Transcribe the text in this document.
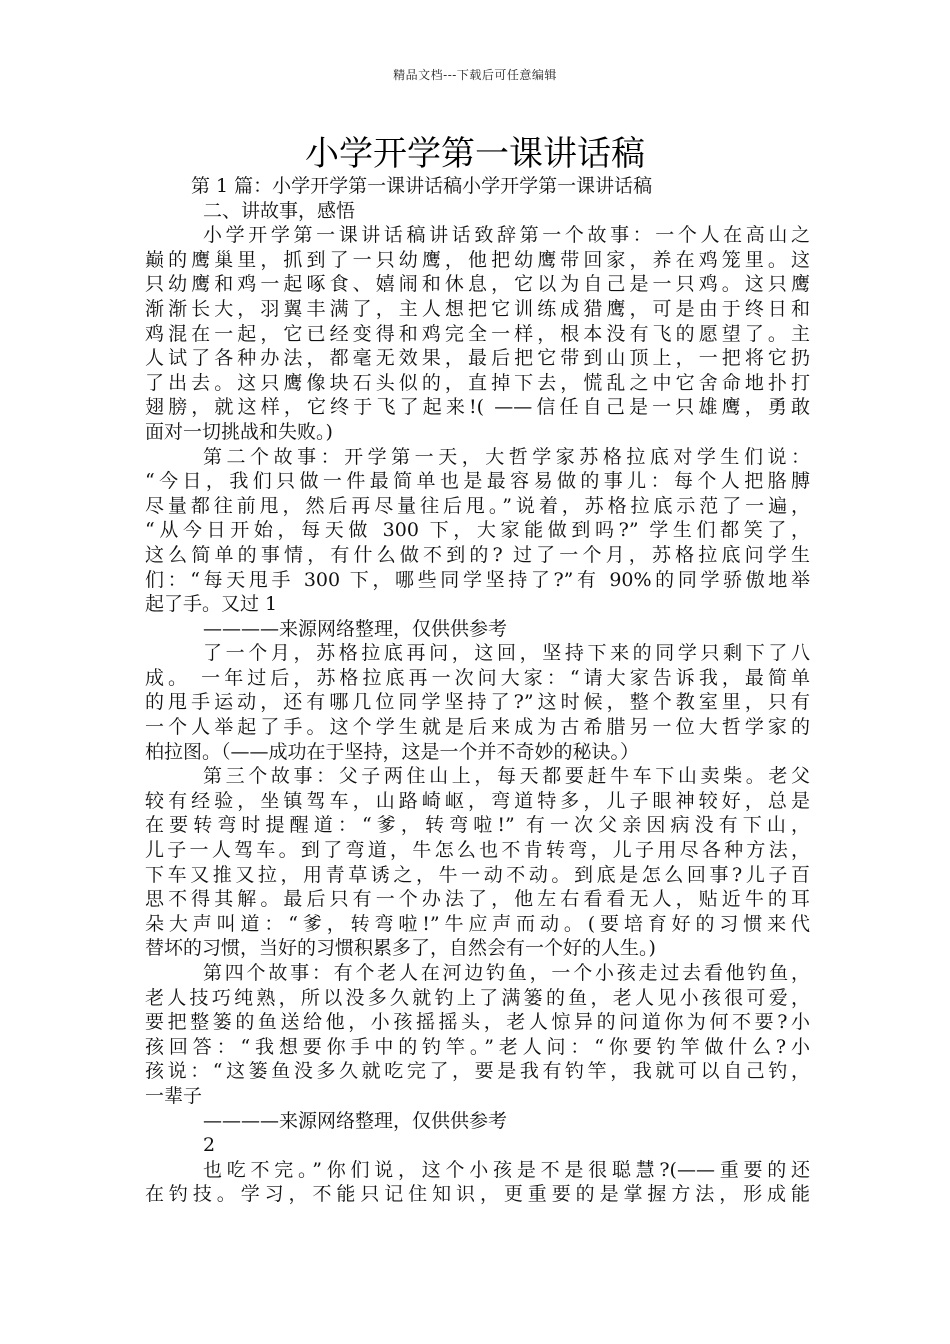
精品文档---下载后可任意编辑
小学开学第一课讲话稿

第 1 篇：小学开学第一课讲话稿小学开学第一课讲话稿

二、讲故事，感悟

小学开学第一课讲话稿讲话致辞第一个故事：一个人在高山之

巅的鹰巢里，抓到了一只幼鹰，他把幼鹰带回家，养在鸡笼里。这

只幼鹰和鸡一起啄食、嬉闹和休息，它以为自己是一只鸡。这只鹰

渐渐长大，羽翼丰满了，主人想把它训练成猎鹰，可是由于终日和

鸡混在一起，它已经变得和鸡完全一样，根本没有飞的愿望了。主

人试了各种办法，都毫无效果，最后把它带到山顶上，一把将它扔

了出去。这只鹰像块石头似的，直掉下去，慌乱之中它舍命地扑打

翅膀，就这样，它终于飞了起来!( ——信任自己是一只雄鹰，勇敢

面对一切挑战和失败。)

第二个故事：开学第一天，大哲学家苏格拉底对学生们说：

“今日，我们只做一件最简单也是最容易做的事儿：每个人把胳膊

尽量都往前甩，然后再尽量往后甩。”说着，苏格拉底示范了一遍，

“从今日开始，每天做 300 下，大家能做到吗?” 学生们都笑了，

这么简单的事情，有什么做不到的? 过了一个月，苏格拉底问学生

们：“每天甩手 300 下，哪些同学坚持了?”有 90%的同学骄傲地举

起了手。又过 1

————来源网络整理，仅供供参考

了一个月，苏格拉底再问，这回，坚持下来的同学只剩下了八

成。 一年过后，苏格拉底再一次问大家：“请大家告诉我，最简单

的甩手运动，还有哪几位同学坚持了?”这时候，整个教室里，只有

一个人举起了手。这个学生就是后来成为古希腊另一位大哲学家的

柏拉图。（——成功在于坚持，这是一个并不奇妙的秘诀。）

第三个故事：父子两住山上，每天都要赶牛车下山卖柴。老父

较有经验，坐镇驾车，山路崎岖，弯道特多，儿子眼神较好，总是

在要转弯时提醒道：“爹，转弯啦!” 有一次父亲因病没有下山，

儿子一人驾车。到了弯道，牛怎么也不肯转弯，儿子用尽各种方法，

下车又推又拉，用青草诱之，牛一动不动。到底是怎么回事?儿子百

思不得其解。最后只有一个办法了，他左右看看无人，贴近牛的耳

朵大声叫道：“爹，转弯啦!”牛应声而动。(要培育好的习惯来代

替坏的习惯，当好的习惯积累多了，自然会有一个好的人生。)

第四个故事：有个老人在河边钓鱼，一个小孩走过去看他钓鱼，

老人技巧纯熟，所以没多久就钓上了满篓的鱼，老人见小孩很可爱，

要把整篓的鱼送给他，小孩摇摇头，老人惊异的问道你为何不要?小

孩回答：“我想要你手中的钓竿。”老人问：“你要钓竿做什么?小

孩说：“这篓鱼没多久就吃完了，要是我有钓竿，我就可以自己钓，

一辈子

————来源网络整理，仅供供参考

2

也吃不完。”你们说，这个小孩是不是很聪慧?(——重要的还

在钓技。学习，不能只记住知识，更重要的是掌握方法，形成能
